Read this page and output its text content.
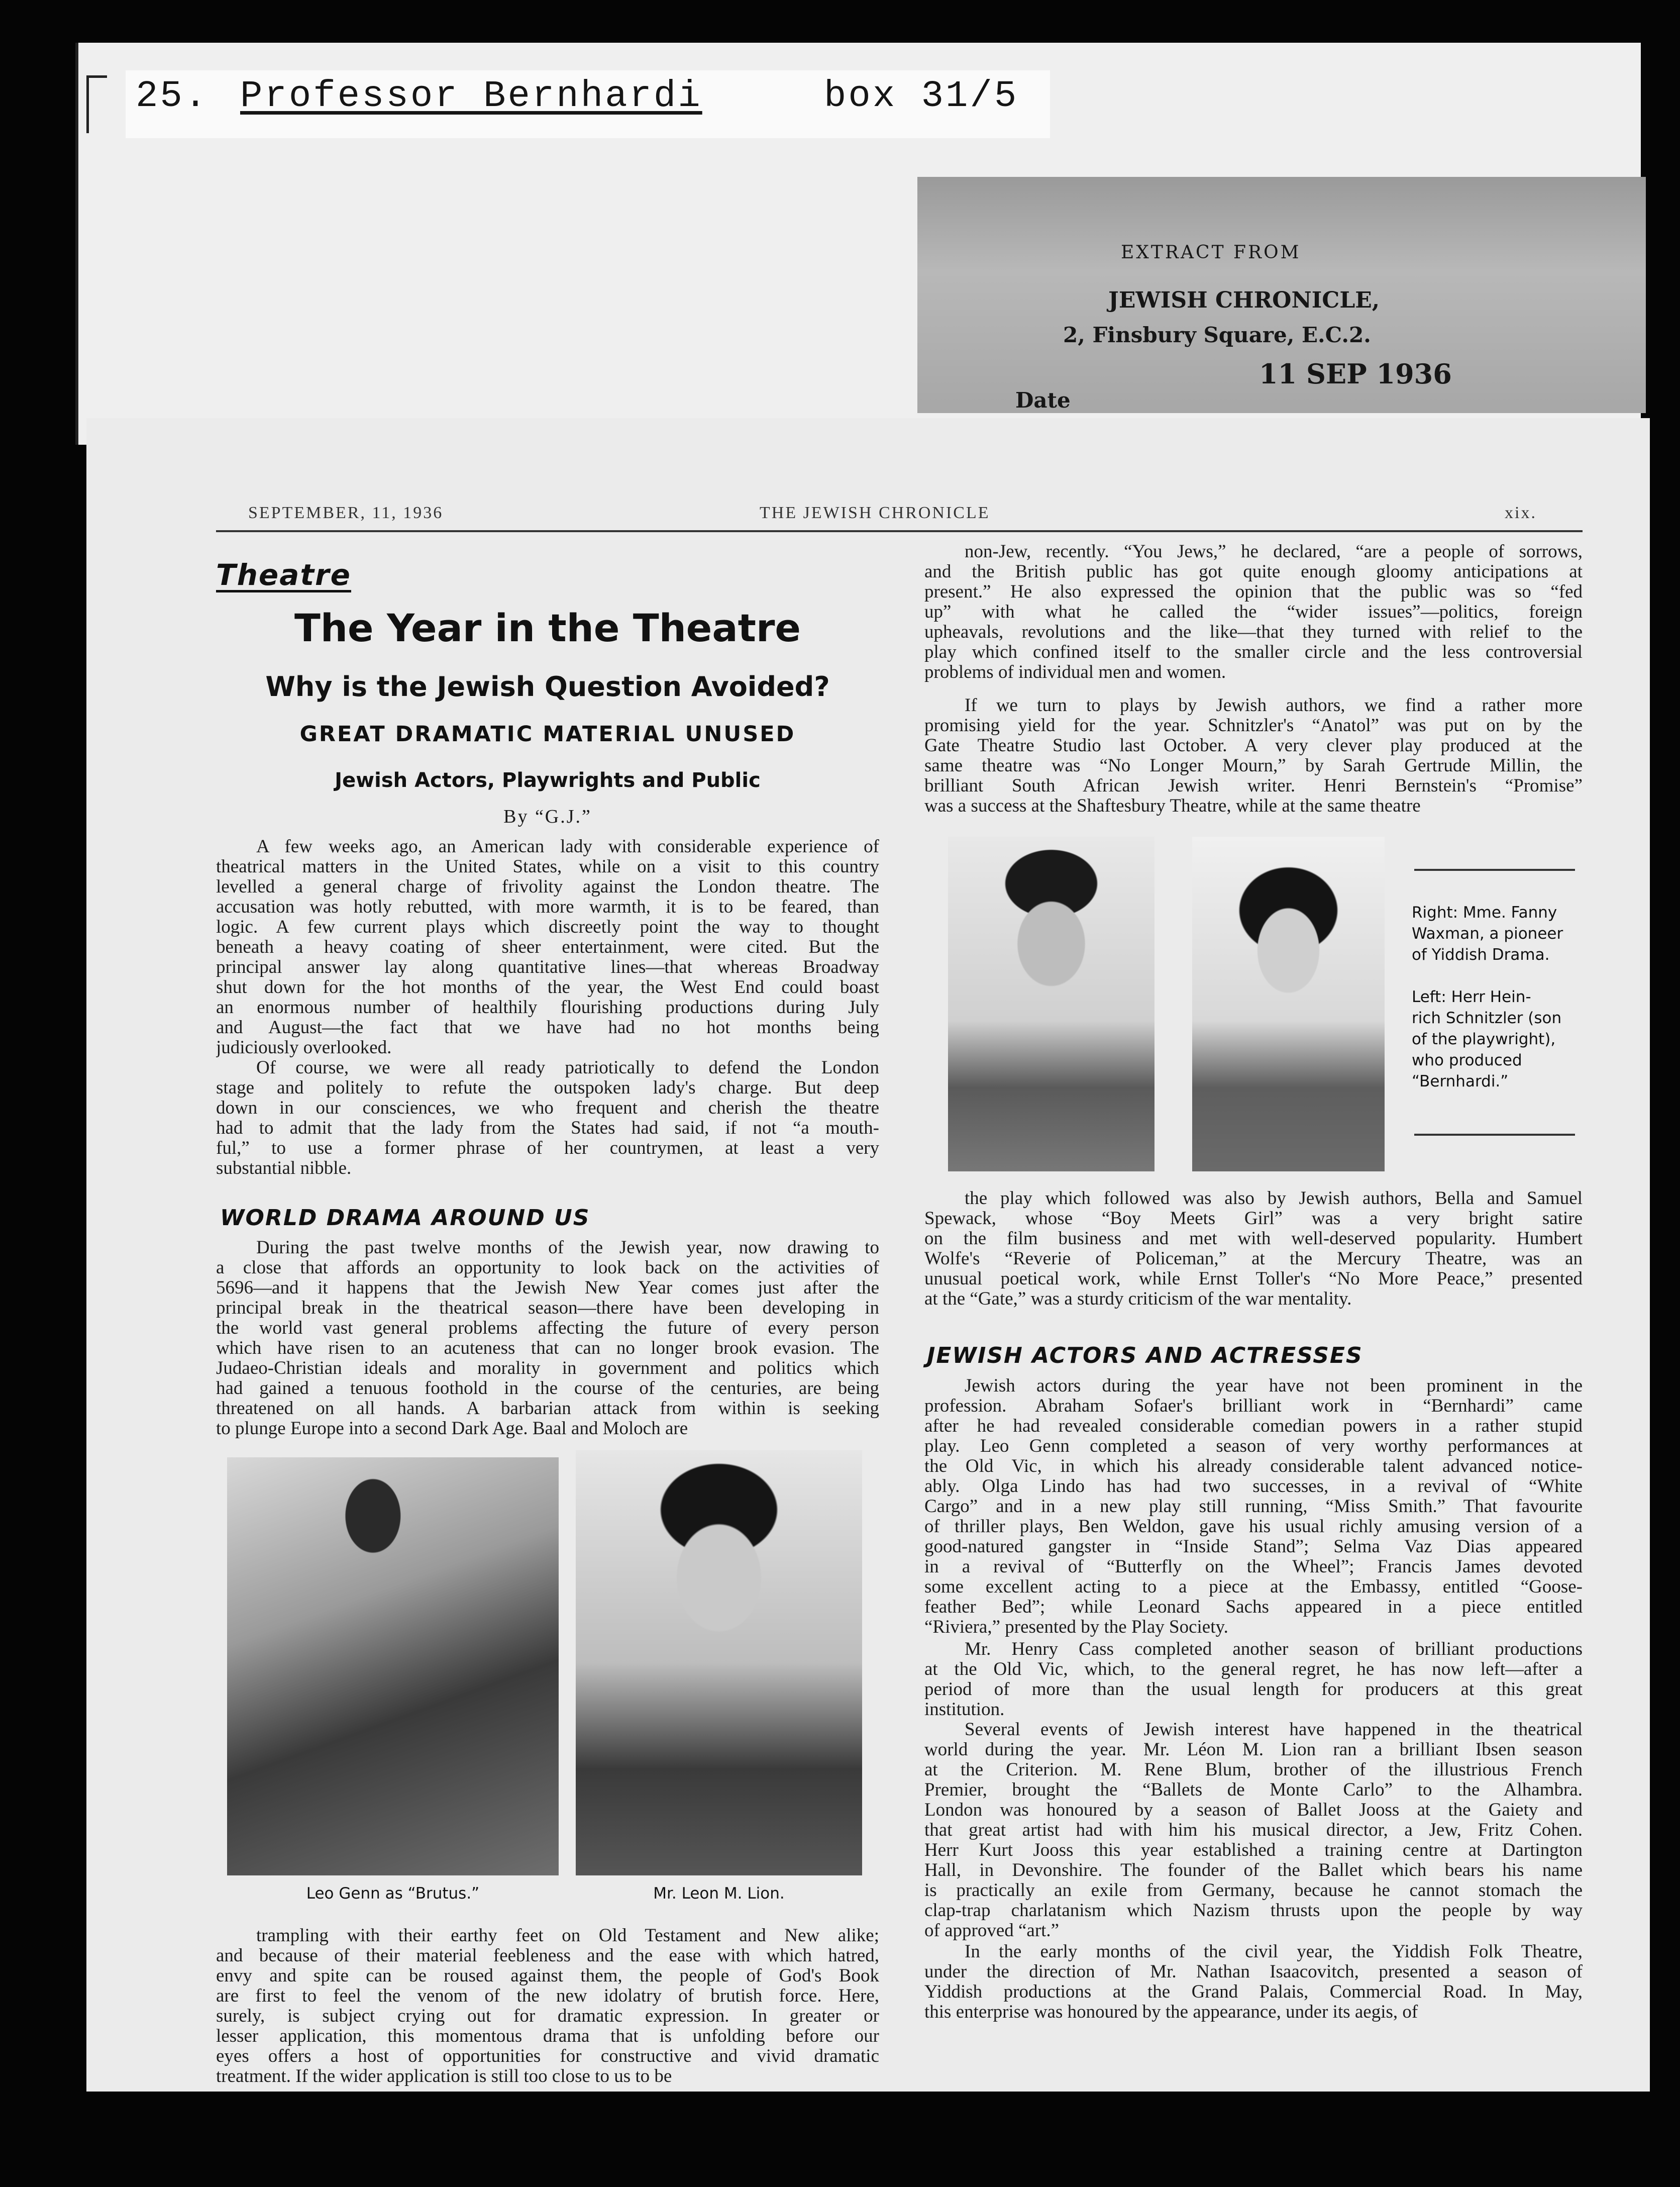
25. Professor Bernhardi	box 31/5
EXTRACT FROM
JEWISH CHRONICLE,
2, Finsbury Square, E.C.2.
11 SEP 1936
Date
SEPTEMBER, 11, 1936	THE JEWISH CHRONICLE	xix.
Theatre
The Year in the Theatre
Why is the Jewish Question Avoided?
GREAT DRAMATIC MATERIAL UNUSED
Jewish Actors, Playwrights and Public
By “G.J.”
A few weeks ago, an American lady with considerable experience of
theatrical matters in the United States, while on a visit to this country
levelled a general charge of frivolity against the London theatre. The
accusation was hotly rebutted, with more warmth, it is to be feared, than
logic. A few current plays which discreetly point the way to thought
beneath a heavy coating of sheer entertainment, were cited. But the
principal answer lay along quantitative lines—that whereas Broadway
shut down for the hot months of the year, the West End could boast
an enormous number of healthily flourishing productions during July
and August—the fact that we have had no hot months being
judiciously overlooked.
Of course, we were all ready patriotically to defend the London
stage and politely to refute the outspoken lady's charge. But deep
down in our consciences, we who frequent and cherish the theatre
had to admit that the lady from the States had said, if not “a mouth-
ful,” to use a former phrase of her countrymen, at least a very
substantial nibble.
WORLD DRAMA AROUND US
During the past twelve months of the Jewish year, now drawing to
a close that affords an opportunity to look back on the activities of
5696—and it happens that the Jewish New Year comes just after the
principal break in the theatrical season—there have been developing in
the world vast general problems affecting the future of every person
which have risen to an acuteness that can no longer brook evasion. The
Judaeo-Christian ideals and morality in government and politics which
had gained a tenuous foothold in the course of the centuries, are being
threatened on all hands. A barbarian attack from within is seeking
to plunge Europe into a second Dark Age. Baal and Moloch are
Leo Genn as “Brutus.”	Mr. Leon M. Lion.
trampling with their earthy feet on Old Testament and New alike;
and because of their material feebleness and the ease with which hatred,
envy and spite can be roused against them, the people of God's Book
are first to feel the venom of the new idolatry of brutish force. Here,
surely, is subject crying out for dramatic expression. In greater or
lesser application, this momentous drama that is unfolding before our
eyes offers a host of opportunities for constructive and vivid dramatic
treatment. If the wider application is still too close to us to be
non-Jew, recently. “You Jews,” he declared, “are a people of sorrows,
and the British public has got quite enough gloomy anticipations at
present.” He also expressed the opinion that the public was so “fed
up” with what he called the “wider issues”—politics, foreign
upheavals, revolutions and the like—that they turned with relief to the
play which confined itself to the smaller circle and the less controversial
problems of individual men and women.
If we turn to plays by Jewish authors, we find a rather more
promising yield for the year. Schnitzler's “Anatol” was put on by the
Gate Theatre Studio last October. A very clever play produced at the
same theatre was “No Longer Mourn,” by Sarah Gertrude Millin, the
brilliant South African Jewish writer. Henri Bernstein's “Promise”
was a success at the Shaftesbury Theatre, while at the same theatre
Right: Mme. Fanny
Waxman, a pioneer
of Yiddish Drama.
Left: Herr Hein-
rich Schnitzler (son
of the playwright),
who produced
“Bernhardi.”
the play which followed was also by Jewish authors, Bella and Samuel
Spewack, whose “Boy Meets Girl” was a very bright satire
on the film business and met with well-deserved popularity. Humbert
Wolfe's “Reverie of Policeman,” at the Mercury Theatre, was an
unusual poetical work, while Ernst Toller's “No More Peace,” presented
at the “Gate,” was a sturdy criticism of the war mentality.
JEWISH ACTORS AND ACTRESSES
Jewish actors during the year have not been prominent in the
profession. Abraham Sofaer's brilliant work in “Bernhardi” came
after he had revealed considerable comedian powers in a rather stupid
play. Leo Genn completed a season of very worthy performances at
the Old Vic, in which his already considerable talent advanced notice-
ably. Olga Lindo has had two successes, in a revival of “White
Cargo” and in a new play still running, “Miss Smith.” That favourite
of thriller plays, Ben Weldon, gave his usual richly amusing version of a
good-natured gangster in “Inside Stand”; Selma Vaz Dias appeared
in a revival of “Butterfly on the Wheel”; Francis James devoted
some excellent acting to a piece at the Embassy, entitled “Goose-
feather Bed”; while Leonard Sachs appeared in a piece entitled
“Riviera,” presented by the Play Society.
Mr. Henry Cass completed another season of brilliant productions
at the Old Vic, which, to the general regret, he has now left—after a
period of more than the usual length for producers at this great
institution.
Several events of Jewish interest have happened in the theatrical
world during the year. Mr. Léon M. Lion ran a brilliant Ibsen season
at the Criterion. M. Rene Blum, brother of the illustrious French
Premier, brought the “Ballets de Monte Carlo” to the Alhambra.
London was honoured by a season of Ballet Jooss at the Gaiety and
that great artist had with him his musical director, a Jew, Fritz Cohen.
Herr Kurt Jooss this year established a training centre at Dartington
Hall, in Devonshire. The founder of the Ballet which bears his name
is practically an exile from Germany, because he cannot stomach the
clap-trap charlatanism which Nazism thrusts upon the people by way
of approved “art.”
In the early months of the civil year, the Yiddish Folk Theatre,
under the direction of Mr. Nathan Isaacovitch, presented a season of
Yiddish productions at the Grand Palais, Commercial Road. In May,
this enterprise was honoured by the appearance, under its aegis, of
